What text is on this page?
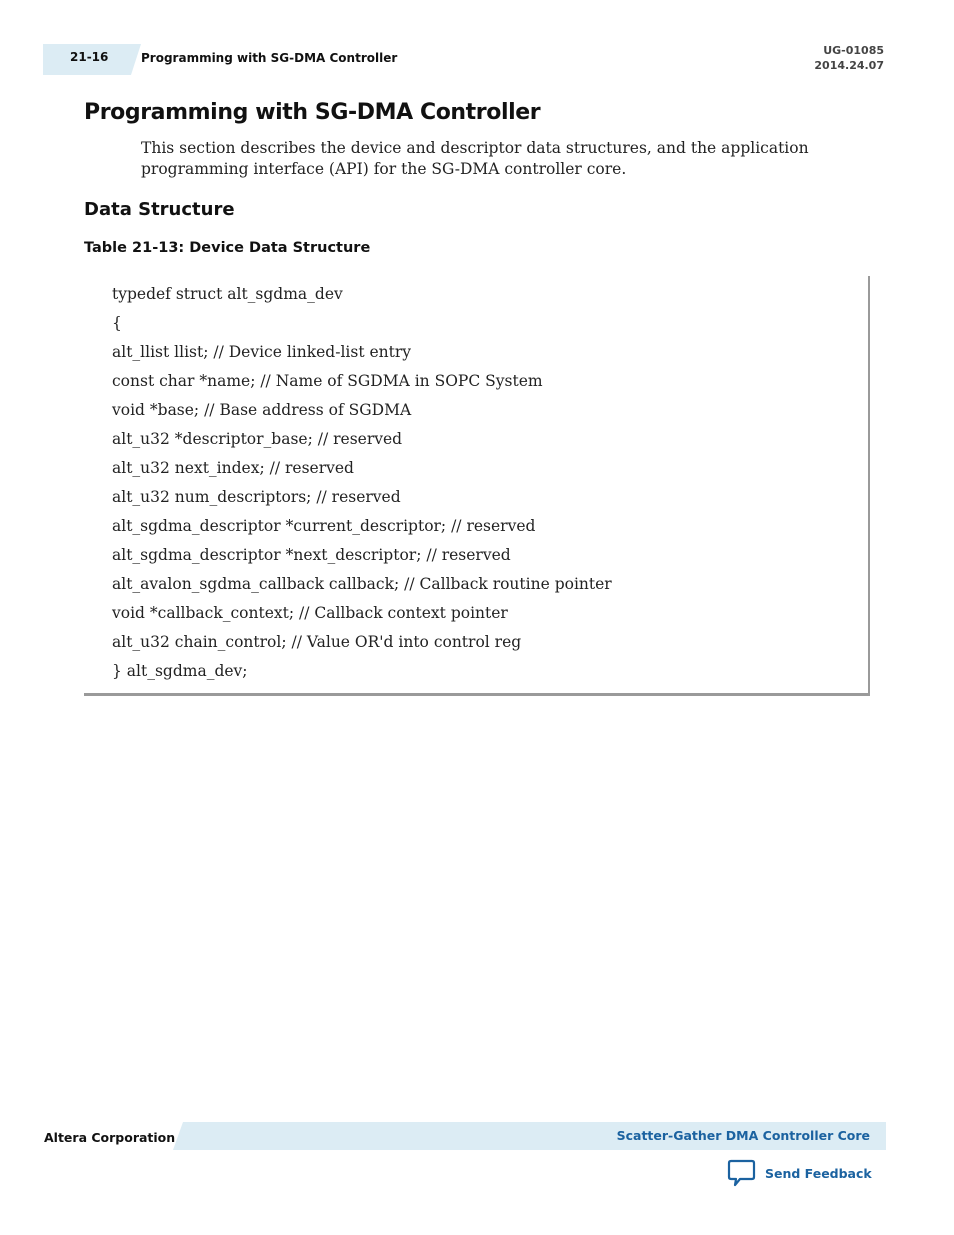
21-16	Programming with SG-DMA Controller
UG-01085
2014.24.07
Programming with SG-DMA Controller

This section describes the device and descriptor data structures, and the application programming interface (API) for the SG-DMA controller core.

Data Structure
Table 21-13: Device Data Structure
typedef struct alt_sgdma_dev
{
alt_llist llist; // Device linked-list entry
const char *name; // Name of SGDMA in SOPC System
void *base; // Base address of SGDMA
alt_u32 *descriptor_base; // reserved
alt_u32 next_index; // reserved
alt_u32 num_descriptors; // reserved
alt_sgdma_descriptor *current_descriptor; // reserved
alt_sgdma_descriptor *next_descriptor; // reserved
alt_avalon_sgdma_callback callback; // Callback routine pointer
void *callback_context; // Callback context pointer
alt_u32 chain_control; // Value OR'd into control reg
} alt_sgdma_dev;
Altera Corporation	Scatter-Gather DMA Controller Core
Send Feedback
